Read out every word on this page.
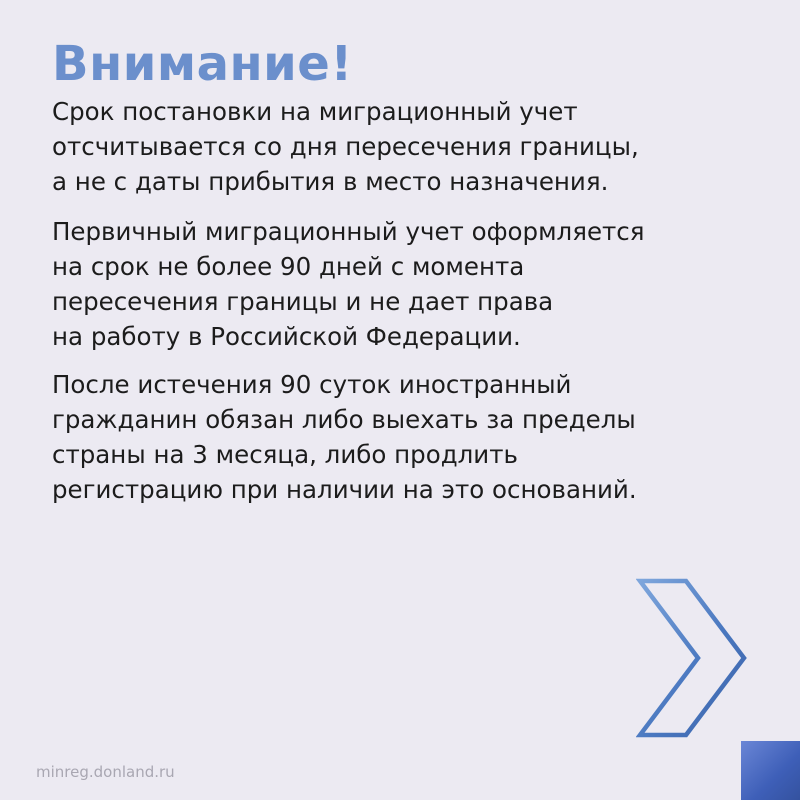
Внимание!

Срок постановки на миграционный учет
отсчитывается со дня пересечения границы,
а не с даты прибытия в место назначения.

Первичный миграционный учет оформляется
на срок не более 90 дней с момента
пересечения границы и не дает права
на работу в Российской Федерации.

После истечения 90 суток иностранный
гражданин обязан либо выехать за пределы
страны на 3 месяца, либо продлить
регистрацию при наличии на это оснований.

minreg.donland.ru
